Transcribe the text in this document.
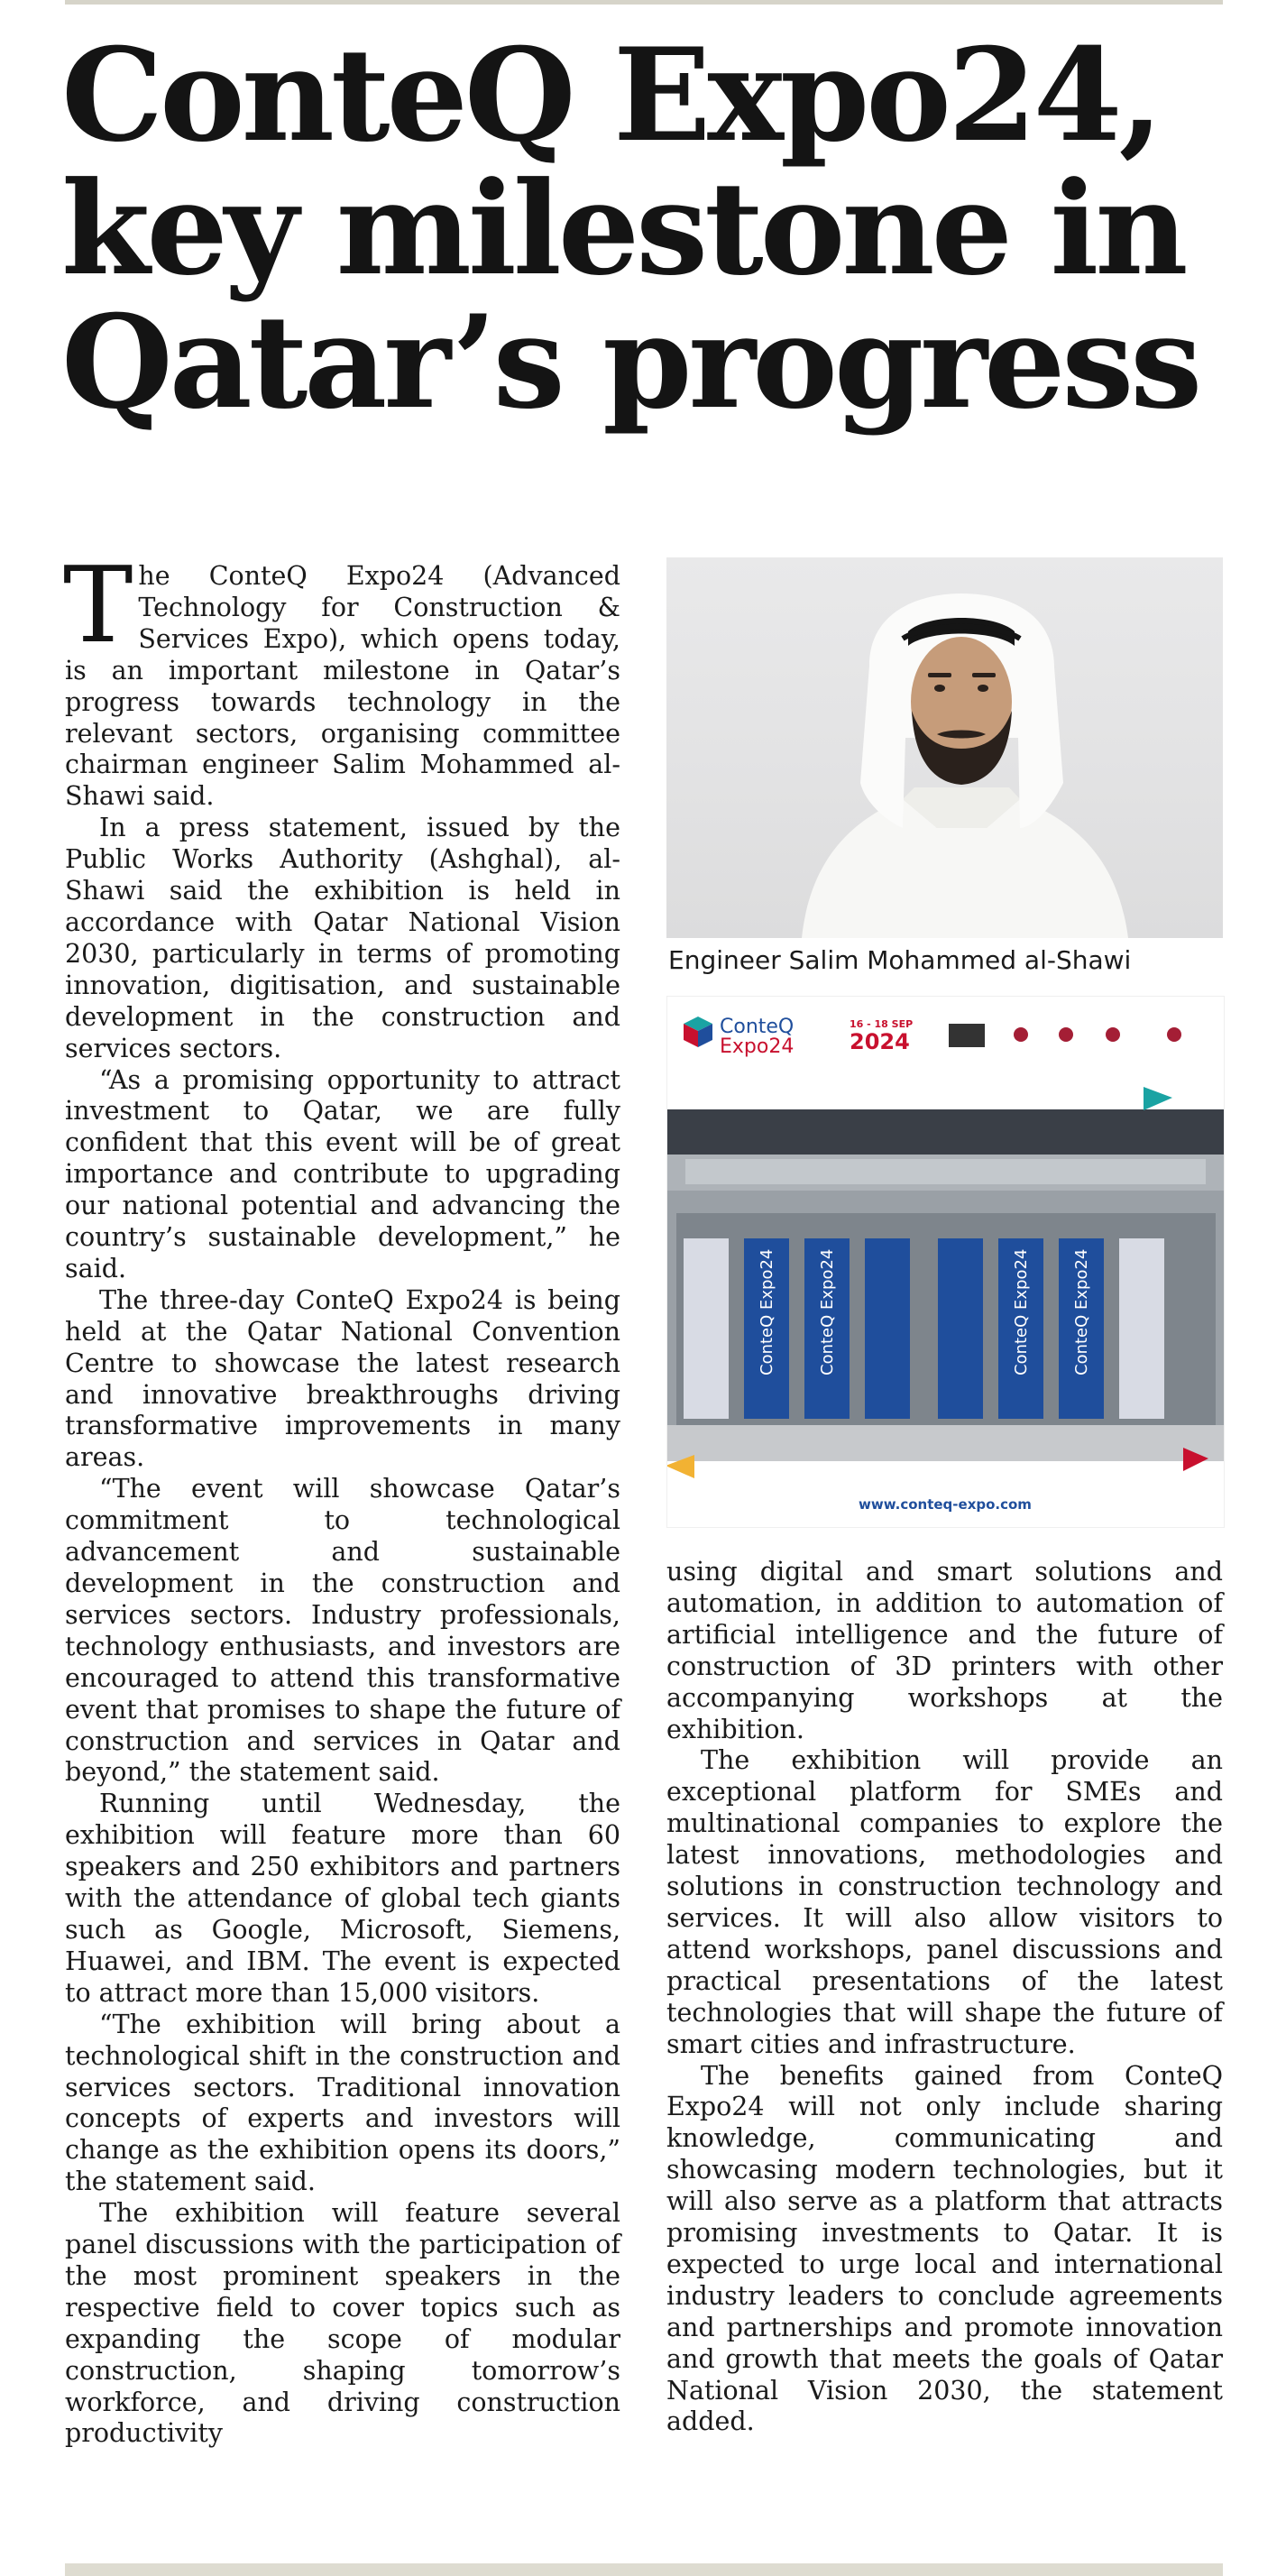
ConteQ Expo24,
key milestone in
Qatar’s progress

The ConteQ Expo24 (Advanced Technology for Construction & Services Expo), which opens today, is an important milestone in Qatar’s progress towards technology in the relevant sectors, organising committee chairman engineer Salim Mohammed al-Shawi said.

In a press statement, issued by the Public Works Authority (Ashghal), al-Shawi said the exhibition is held in accordance with Qatar National Vision 2030, particularly in terms of promoting innovation, digitisation, and sustainable development in the construction and services sectors.

“As a promising opportunity to attract investment to Qatar, we are fully confident that this event will be of great importance and contribute to upgrading our national potential and advancing the country’s sustainable development,” he said.

The three-day ConteQ Expo24 is being held at the Qatar National Convention Centre to showcase the latest research and innovative breakthroughs driving transformative improvements in many areas.

“The event will showcase Qatar’s commitment to technological advancement and sustainable development in the construction and services sectors. Industry professionals, technology enthusiasts, and investors are encouraged to attend this transformative event that promises to shape the future of construction and services in Qatar and beyond,” the statement said.

Running until Wednesday, the exhibition will feature more than 60 speakers and 250 exhibitors and partners with the attendance of global tech giants such as Google, Microsoft, Siemens, Huawei, and IBM. The event is expected to attract more than 15,000 visitors.

“The exhibition will bring about a technological shift in the construction and services sectors. Traditional innovation concepts of experts and investors will change as the exhibition opens its doors,” the statement said.

The exhibition will feature several panel discussions with the participation of the most prominent speakers in the respective field to cover topics such as expanding the scope of modular construction, shaping tomorrow’s workforce, and driving construction productivity

Engineer Salim Mohammed al-Shawi
ConteQ
Expo24
16 - 18 SEP
2024
ConteQ Expo24	ConteQ Expo24	ConteQ Expo24	ConteQ Expo24
www.conteq-expo.com

using digital and smart solutions and automation, in addition to automation of artificial intelligence and the future of construction of 3D printers with other accompanying workshops at the exhibition.

The exhibition will provide an exceptional platform for SMEs and multinational companies to explore the latest innovations, methodologies and solutions in construction technology and services. It will also allow visitors to attend workshops, panel discussions and practical presentations of the latest technologies that will shape the future of smart cities and infrastructure.

The benefits gained from ConteQ Expo24 will not only include sharing knowledge, communicating and showcasing modern technologies, but it will also serve as a platform that attracts promising investments to Qatar. It is expected to urge local and international industry leaders to conclude agreements and partnerships and promote innovation and growth that meets the goals of Qatar National Vision 2030, the statement added.
